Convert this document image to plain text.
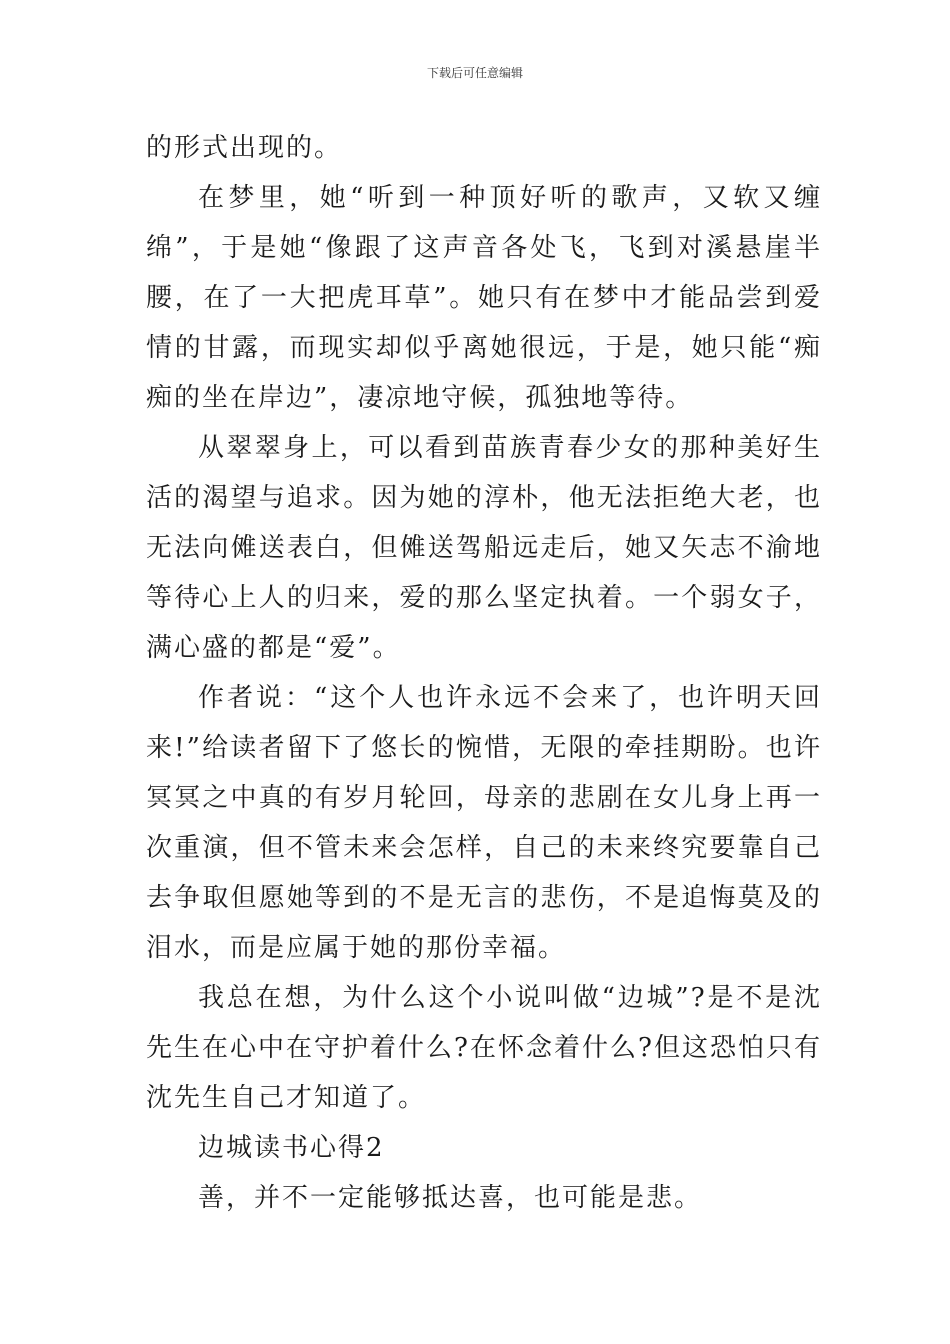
下载后可任意编辑

的形式出现的。

在梦里，她“听到一种顶好听的歌声，又软又缠绵”，于是她“像跟了这声音各处飞，飞到对溪悬崖半腰，在了一大把虎耳草”。她只有在梦中才能品尝到爱情的甘露，而现实却似乎离她很远，于是，她只能“痴痴的坐在岸边”，凄凉地守候，孤独地等待。

从翠翠身上，可以看到苗族青春少女的那种美好生活的渴望与追求。因为她的淳朴，他无法拒绝大老，也无法向傩送表白，但傩送驾船远走后，她又矢志不渝地等待心上人的归来，爱的那么坚定执着。一个弱女子，满心盛的都是“爱”。

作者说：“这个人也许永远不会来了，也许明天回来!”给读者留下了悠长的惋惜，无限的牵挂期盼。也许冥冥之中真的有岁月轮回，母亲的悲剧在女儿身上再一次重演，但不管未来会怎样，自己的未来终究要靠自己去争取但愿她等到的不是无言的悲伤，不是追悔莫及的泪水，而是应属于她的那份幸福。

我总在想，为什么这个小说叫做“边城”?是不是沈先生在心中在守护着什么?在怀念着什么?但这恐怕只有沈先生自己才知道了。

边城读书心得2

善，并不一定能够抵达喜，也可能是悲。
